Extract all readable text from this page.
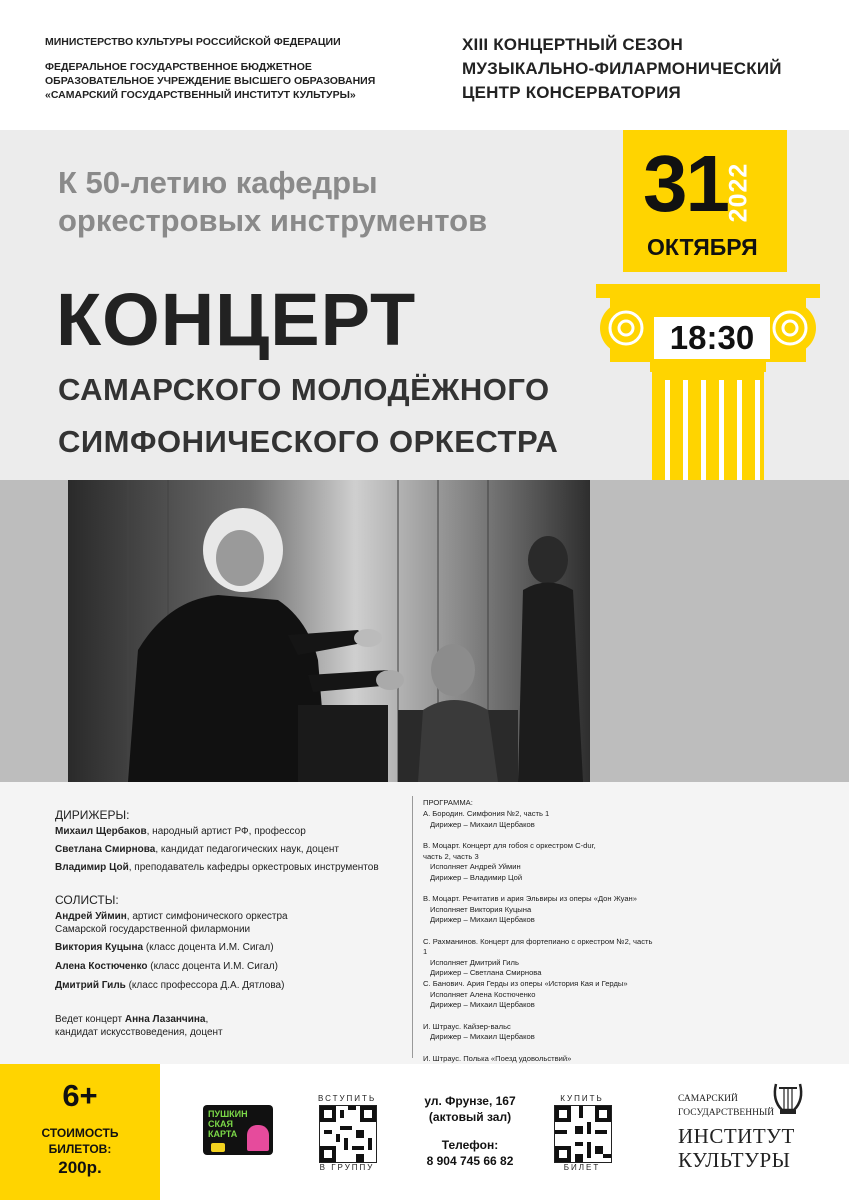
МИНИСТЕРСТВО КУЛЬТУРЫ РОССИЙСКОЙ ФЕДЕРАЦИИ
ФЕДЕРАЛЬНОЕ ГОСУДАРСТВЕННОЕ БЮДЖЕТНОЕ
ОБРАЗОВАТЕЛЬНОЕ УЧРЕЖДЕНИЕ ВЫСШЕГО ОБРАЗОВАНИЯ
«САМАРСКИЙ ГОСУДАРСТВЕННЫЙ ИНСТИТУТ КУЛЬТУРЫ»
XIII КОНЦЕРТНЫЙ СЕЗОН
МУЗЫКАЛЬНО-ФИЛАРМОНИЧЕСКИЙ
ЦЕНТР КОНСЕРВАТОРИЯ
К 50-летию кафедры
оркестровых инструментов
КОНЦЕРТ
САМАРСКОГО МОЛОДЁЖНОГО
СИМФОНИЧЕСКОГО ОРКЕСТРА
31
2022
ОКТЯБРЯ
18:30
ДИРИЖЕРЫ:
Михаил Щербаков, народный артист РФ, профессор
Светлана Смирнова, кандидат педагогических наук, доцент
Владимир Цой, преподаватель кафедры оркестровых инструментов
СОЛИСТЫ:
Андрей Уймин, артист симфонического оркестра
Самарской государственной филармонии
Виктория Куцына (класс доцента И.М. Сигал)
Алена Костюченко (класс доцента И.М. Сигал)
Дмитрий Гиль (класс профессора Д.А. Дятлова)
Ведет концерт Анна Лазанчина,
кандидат искусствоведения, доцент
ПРОГРАММА:
А. Бородин. Симфония №2, часть 1
Дирижер – Михаил Щербаков
В. Моцарт. Концерт для гобоя с оркестром C-dur,
часть 2, часть 3
Исполняет Андрей Уймин
Дирижер – Владимир Цой
В. Моцарт. Речитатив и ария Эльвиры из оперы «Дон Жуан»
Исполняет Виктория Куцына
Дирижер – Михаил Щербаков
С. Рахманинов. Концерт для фортепиано с оркестром №2, часть 1
Исполняет Дмитрий Гиль
Дирижер – Светлана Смирнова
С. Банович. Ария Герды из оперы «История Кая и Герды»
Исполняет Алена Костюченко
Дирижер – Михаил Щербаков
И. Штраус. Кайзер-вальс
Дирижер – Михаил Щербаков
И. Штраус. Полька «Поезд удовольствий»
6+
СТОИМОСТЬ
БИЛЕТОВ:
200р.
ПУШКИН
СКАЯ
КАРТА
ВСТУПИТЬ
В ГРУППУ
ул. Фрунзе, 167
(актовый зал)
Телефон:
8 904 745 66 82
КУПИТЬ
БИЛЕТ
САМАРСКИЙ
ГОСУДАРСТВЕННЫЙ
ИНСТИТУТ
КУЛЬТУРЫ
